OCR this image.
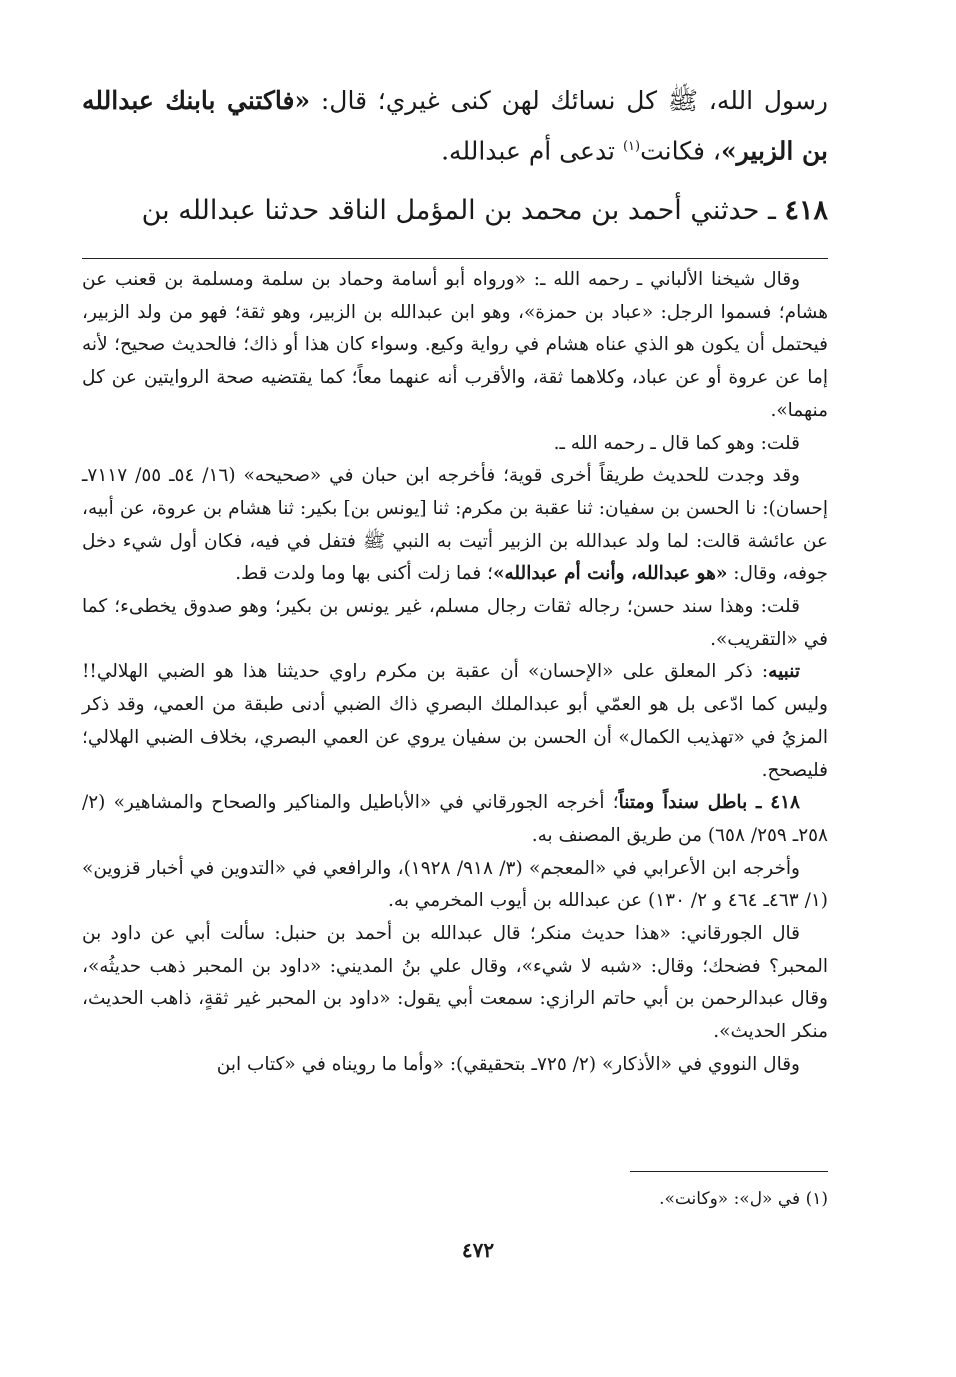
رسول الله، ﷺ كل نسائك لهن كنى غيري؛ قال: «فاكتني بابنك عبدالله بن الزبير»، فكانت$^{(١)}$ تدعى أم عبدالله.

٤١٨ ـ حدثني أحمد بن محمد بن المؤمل الناقد حدثنا عبدالله بن

وقال شيخنا الألباني ـ رحمه الله ـ: «ورواه أبو أسامة وحماد بن سلمة ومسلمة بن قعنب عن هشام؛ فسموا الرجل: «عباد بن حمزة»، وهو ابن عبدالله بن الزبير، وهو ثقة؛ فهو من ولد الزبير، فيحتمل أن يكون هو الذي عناه هشام في رواية وكيع. وسواء كان هذا أو ذاك؛ فالحديث صحيح؛ لأنه إما عن عروة أو عن عباد، وكلاهما ثقة، والأقرب أنه عنهما معاً؛ كما يقتضيه صحة الروايتين عن كل منهما».

قلت: وهو كما قال ـ رحمه الله ـ.

وقد وجدت للحديث طريقاً أخرى قوية؛ فأخرجه ابن حبان في «صحيحه» (١٦/ ٥٤ـ ٥٥/ ٧١١٧ـ إحسان): نا الحسن بن سفيان: ثنا عقبة بن مكرم: ثنا [يونس بن] بكير: ثنا هشام بن عروة، عن أبيه، عن عائشة قالت: لما ولد عبدالله بن الزبير أتيت به النبي ﷺ فتفل في فيه، فكان أول شيء دخل جوفه، وقال: «هو عبدالله، وأنت أم عبدالله»؛ فما زلت أكنى بها وما ولدت قط.

قلت: وهذا سند حسن؛ رجاله ثقات رجال مسلم، غير يونس بن بكير؛ وهو صدوق يخطىء؛ كما في «التقريب».

تنبيه: ذكر المعلق على «الإحسان» أن عقبة بن مكرم راوي حديثنا هذا هو الضبي الهلالي!! وليس كما ادّعى بل هو العمّي أبو عبدالملك البصري ذاك الضبي أدنى طبقة من العمي، وقد ذكر المزيُ في «تهذيب الكمال» أن الحسن بن سفيان يروي عن العمي البصري، بخلاف الضبي الهلالي؛ فليصحح.

٤١٨ ـ باطل سنداً ومتناً؛ أخرجه الجورقاني في «الأباطيل والمناكير والصحاح والمشاهير» (٢/ ٢٥٨ـ ٢٥٩/ ٦٥٨) من طريق المصنف به.

وأخرجه ابن الأعرابي في «المعجم» (٣/ ٩١٨/ ١٩٢٨)، والرافعي في «التدوين في أخبار قزوين» (١/ ٤٦٣ـ ٤٦٤ و ٢/ ١٣٠) عن عبدالله بن أيوب المخرمي به.

قال الجورقاني: «هذا حديث منكر؛ قال عبدالله بن أحمد بن حنبل: سألت أبي عن داود بن المحبر؟ فضحك؛ وقال: «شبه لا شيء»، وقال علي بنُ المديني: «داود بن المحبر ذهب حديثُه»، وقال عبدالرحمن بن أبي حاتم الرازي: سمعت أبي يقول: «داود بن المحبر غير ثقةٍ، ذاهب الحديث، منكر الحديث».

وقال النووي في «الأذكار» (٢/ ٧٢٥ـ بتحقيقي): «وأما ما رويناه في «كتاب ابن

(١) في «ل»: «وكانت».
٤٧٢
